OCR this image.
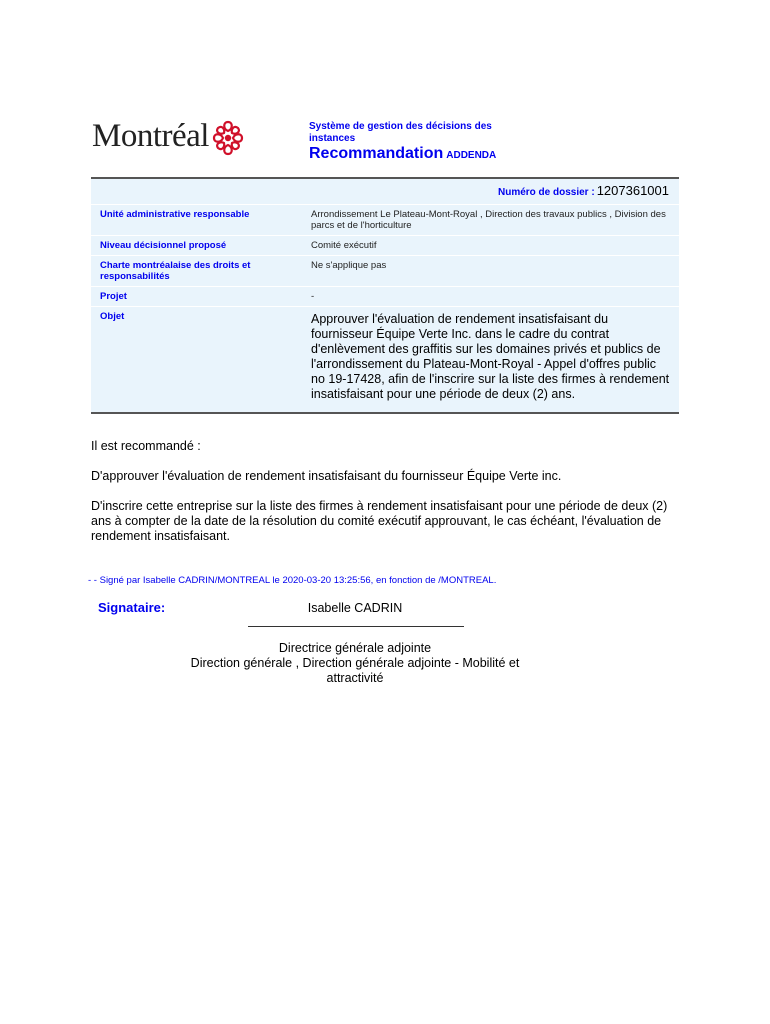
Montréal	Système de gestion des décisions des instances
Recommandation ADDENDA
Numéro de dossier : 1207361001	
Unité administrative responsable	Arrondissement Le Plateau-Mont-Royal , Direction des travaux publics , Division des parcs et de l'horticulture
Niveau décisionnel proposé	Comité exécutif
Charte montréalaise des droits et responsabilités	Ne s'applique pas
Projet	-
Objet	Approuver l'évaluation de rendement insatisfaisant du fournisseur Équipe Verte Inc. dans le cadre du contrat d'enlèvement des graffitis sur les domaines privés et publics de l'arrondissement du Plateau-Mont-Royal - Appel d'offres public no 19-17428, afin de l'inscrire sur la liste des firmes à rendement insatisfaisant pour une période de deux (2) ans.
Il est recommandé :
D'approuver l'évaluation de rendement insatisfaisant du fournisseur Équipe Verte inc.
D'inscrire cette entreprise sur la liste des firmes à rendement insatisfaisant pour une période de deux (2) ans à compter de la date de la résolution du comité exécutif approuvant, le cas échéant, l'évaluation de rendement insatisfaisant.
- - Signé par Isabelle CADRIN/MONTREAL le 2020-03-20 13:25:56, en fonction de /MONTREAL.
Signataire:	Isabelle CADRIN
Directrice générale adjointe
Direction générale , Direction générale adjointe - Mobilité et attractivité
